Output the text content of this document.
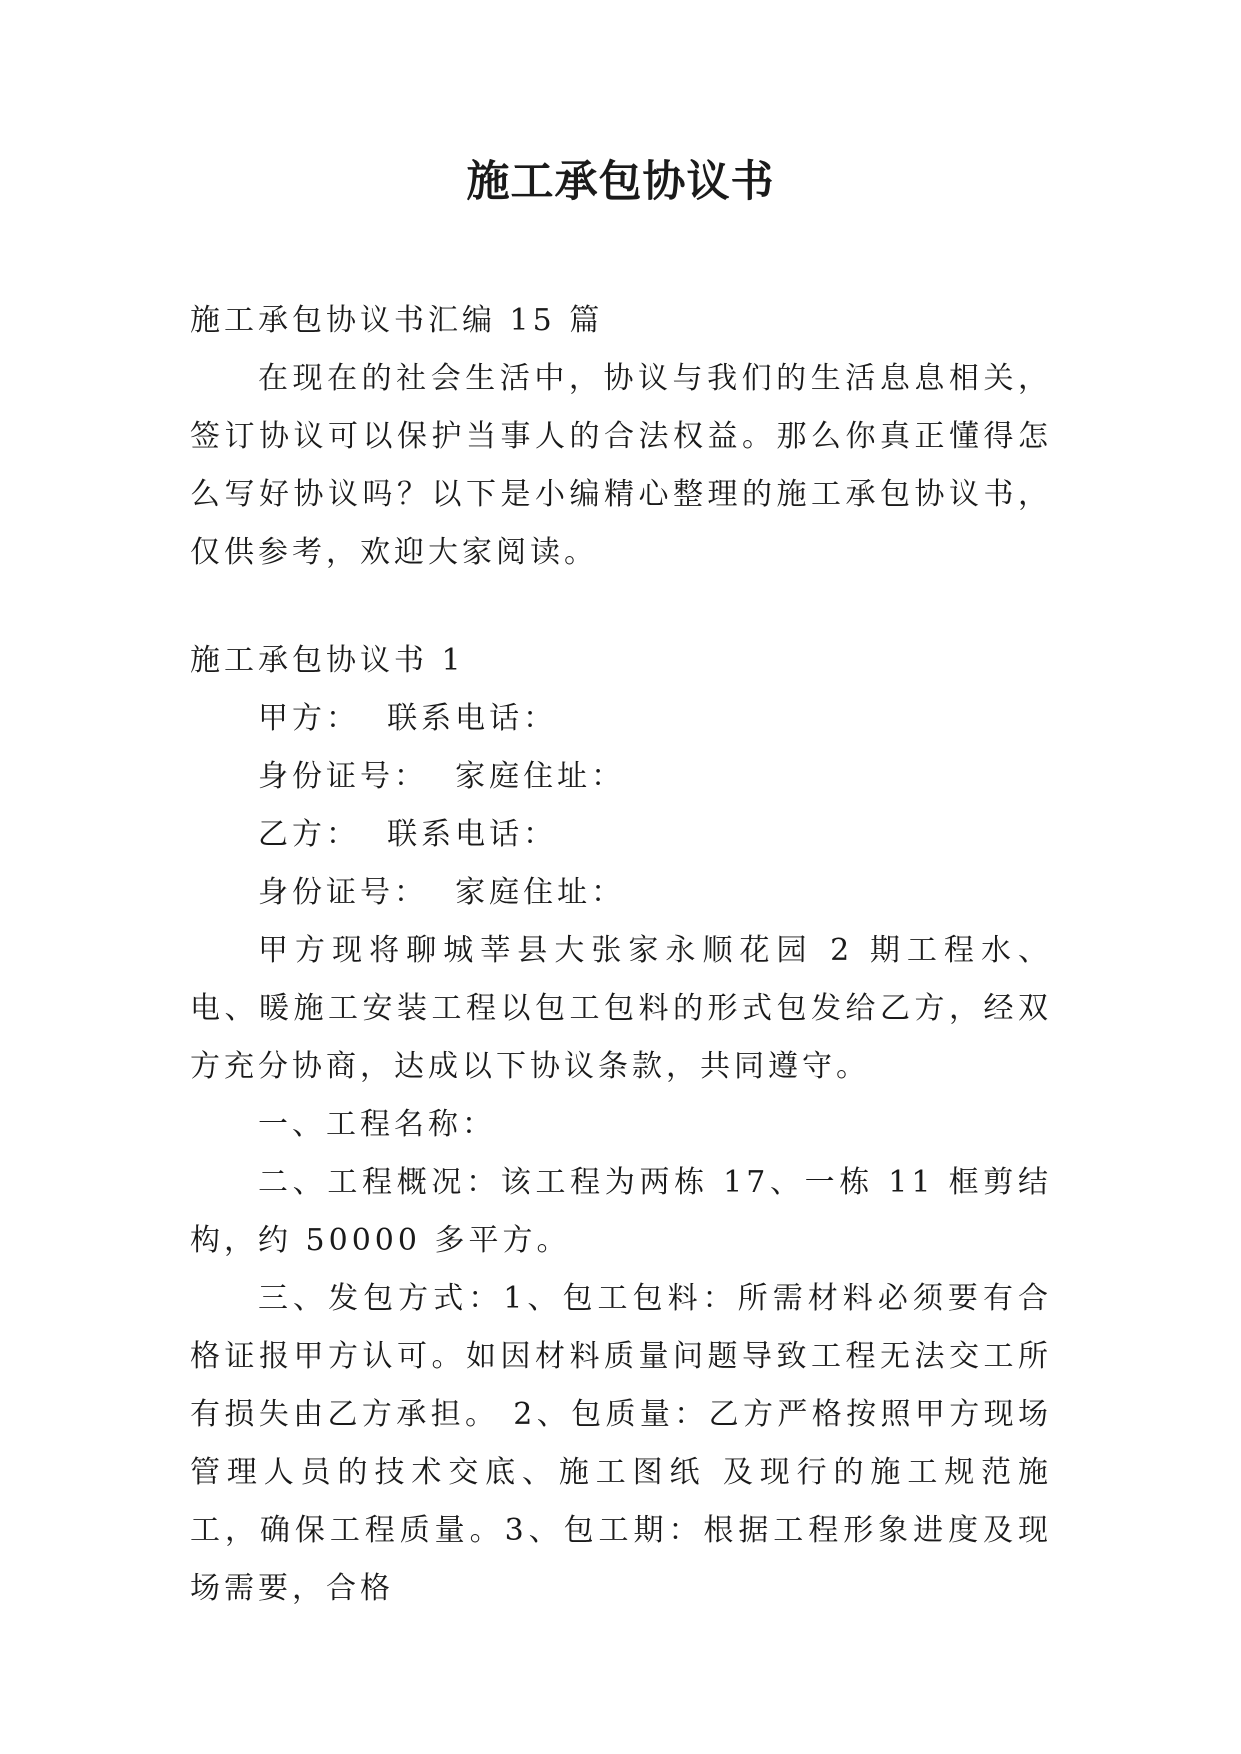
施工承包协议书

施工承包协议书汇编 15 篇

在现在的社会生活中，协议与我们的生活息息相关，签订协议可以保护当事人的合法权益。那么你真正懂得怎么写好协议吗？以下是小编精心整理的施工承包协议书，仅供参考，欢迎大家阅读。

施工承包协议书 1

甲方：  联系电话：

身份证号：  家庭住址：

乙方：  联系电话：

身份证号：  家庭住址：

甲方现将聊城莘县大张家永顺花园 2 期工程水、电、暖施工安装工程以包工包料的形式包发给乙方，经双方充分协商，达成以下协议条款，共同遵守。

一、工程名称：

二、工程概况：该工程为两栋 17、一栋 11 框剪结构，约 50000 多平方。

三、发包方式：1、包工包料：所需材料必须要有合格证报甲方认可。如因材料质量问题导致工程无法交工所有损失由乙方承担。 2、包质量：乙方严格按照甲方现场管理人员的技术交底、施工图纸 及现行的施工规范施工，确保工程质量。3、包工期：根据工程形象进度及现场需要，合格
